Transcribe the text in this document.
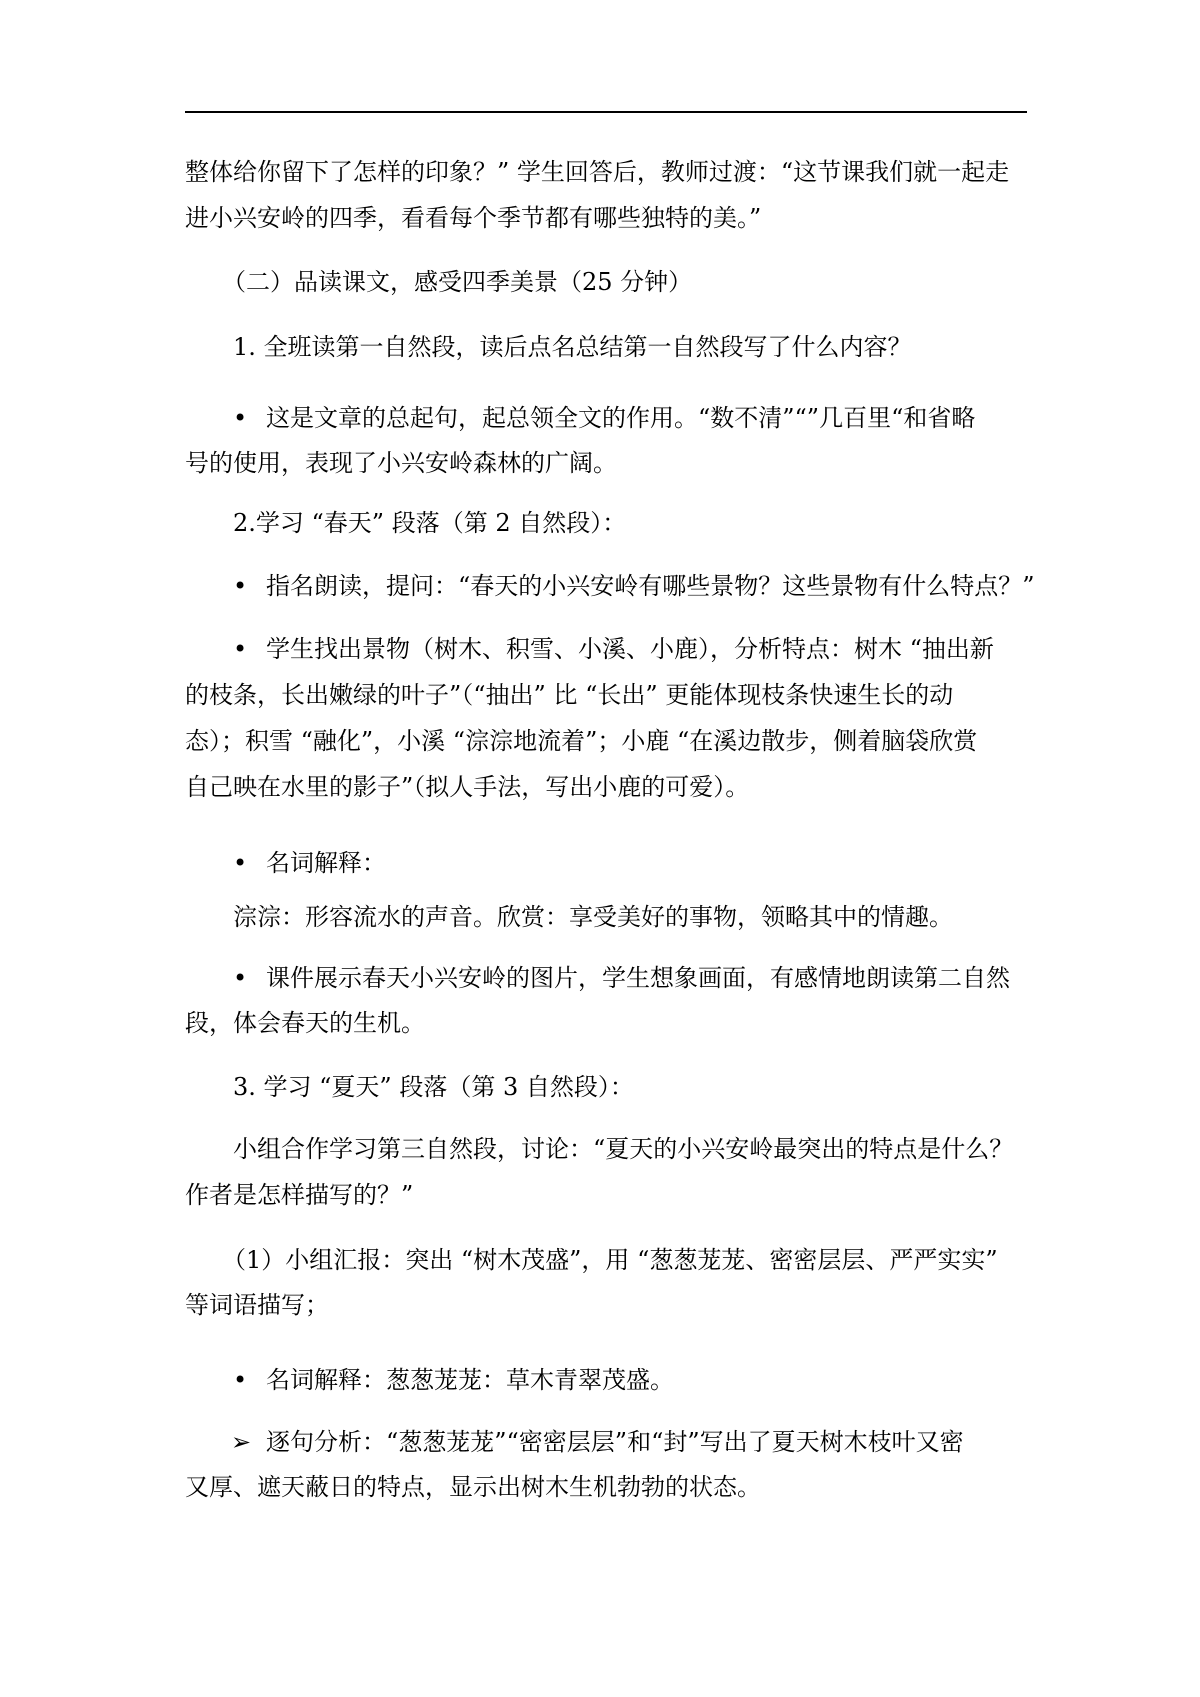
整体给你留下了怎样的印象？” 学生回答后，教师过渡：“这节课我们就一起走
进小兴安岭的四季，看看每个季节都有哪些独特的美。”
（二）品读课文，感受四季美景（25 分钟）
1. 全班读第一自然段，读后点名总结第一自然段写了什么内容？
• 这是文章的总起句，起总领全文的作用。“数不清”“”几百里“和省略
号的使用，表现了小兴安岭森林的广阔。
2.学习 “春天” 段落（第 2 自然段）：
• 指名朗读，提问：“春天的小兴安岭有哪些景物？这些景物有什么特点？”
• 学生找出景物（树木、积雪、小溪、小鹿），分析特点：树木 “抽出新
的枝条，长出嫩绿的叶子”（“抽出” 比 “长出” 更能体现枝条快速生长的动
态）；积雪 “融化”，小溪 “淙淙地流着”；小鹿 “在溪边散步，侧着脑袋欣赏
自己映在水里的影子”（拟人手法，写出小鹿的可爱）。
• 名词解释：
淙淙：形容流水的声音。欣赏：享受美好的事物，领略其中的情趣。
• 课件展示春天小兴安岭的图片，学生想象画面，有感情地朗读第二自然
段，体会春天的生机。
3. 学习 “夏天” 段落（第 3 自然段）：
小组合作学习第三自然段，讨论：“夏天的小兴安岭最突出的特点是什么？
作者是怎样描写的？”
（1）小组汇报：突出 “树木茂盛”，用 “葱葱茏茏、密密层层、严严实实”
等词语描写；
• 名词解释：葱葱茏茏：草木青翠茂盛。
➢ 逐句分析：“葱葱茏茏”“密密层层”和“封”写出了夏天树木枝叶又密
又厚、遮天蔽日的特点，显示出树木生机勃勃的状态。
